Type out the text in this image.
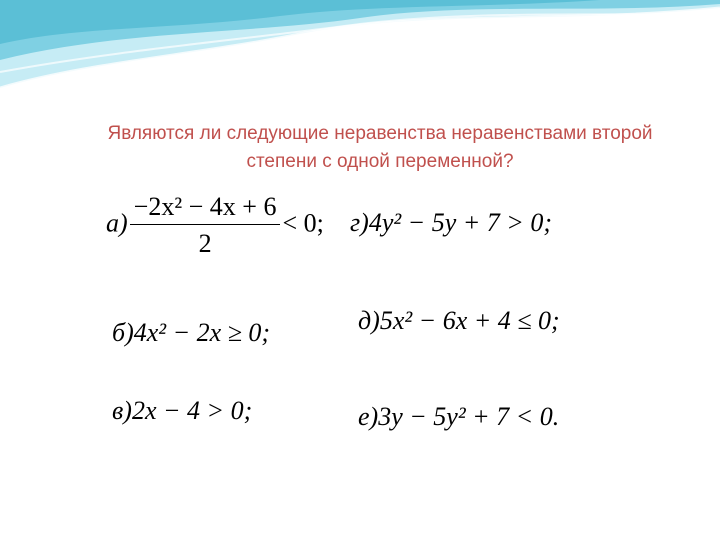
Являются ли следующие неравенства неравенствами второй
степени с одной переменной?
$а) \frac{\text{−2x² − 4x + 6}}{2} < 0$;
б)4x² − 2x ≥ 0;
в)2x − 4 > 0;
г)4y² − 5y + 7 > 0;
д)5x² − 6x + 4 ≤ 0;
е)3y − 5y² + 7 < 0.
